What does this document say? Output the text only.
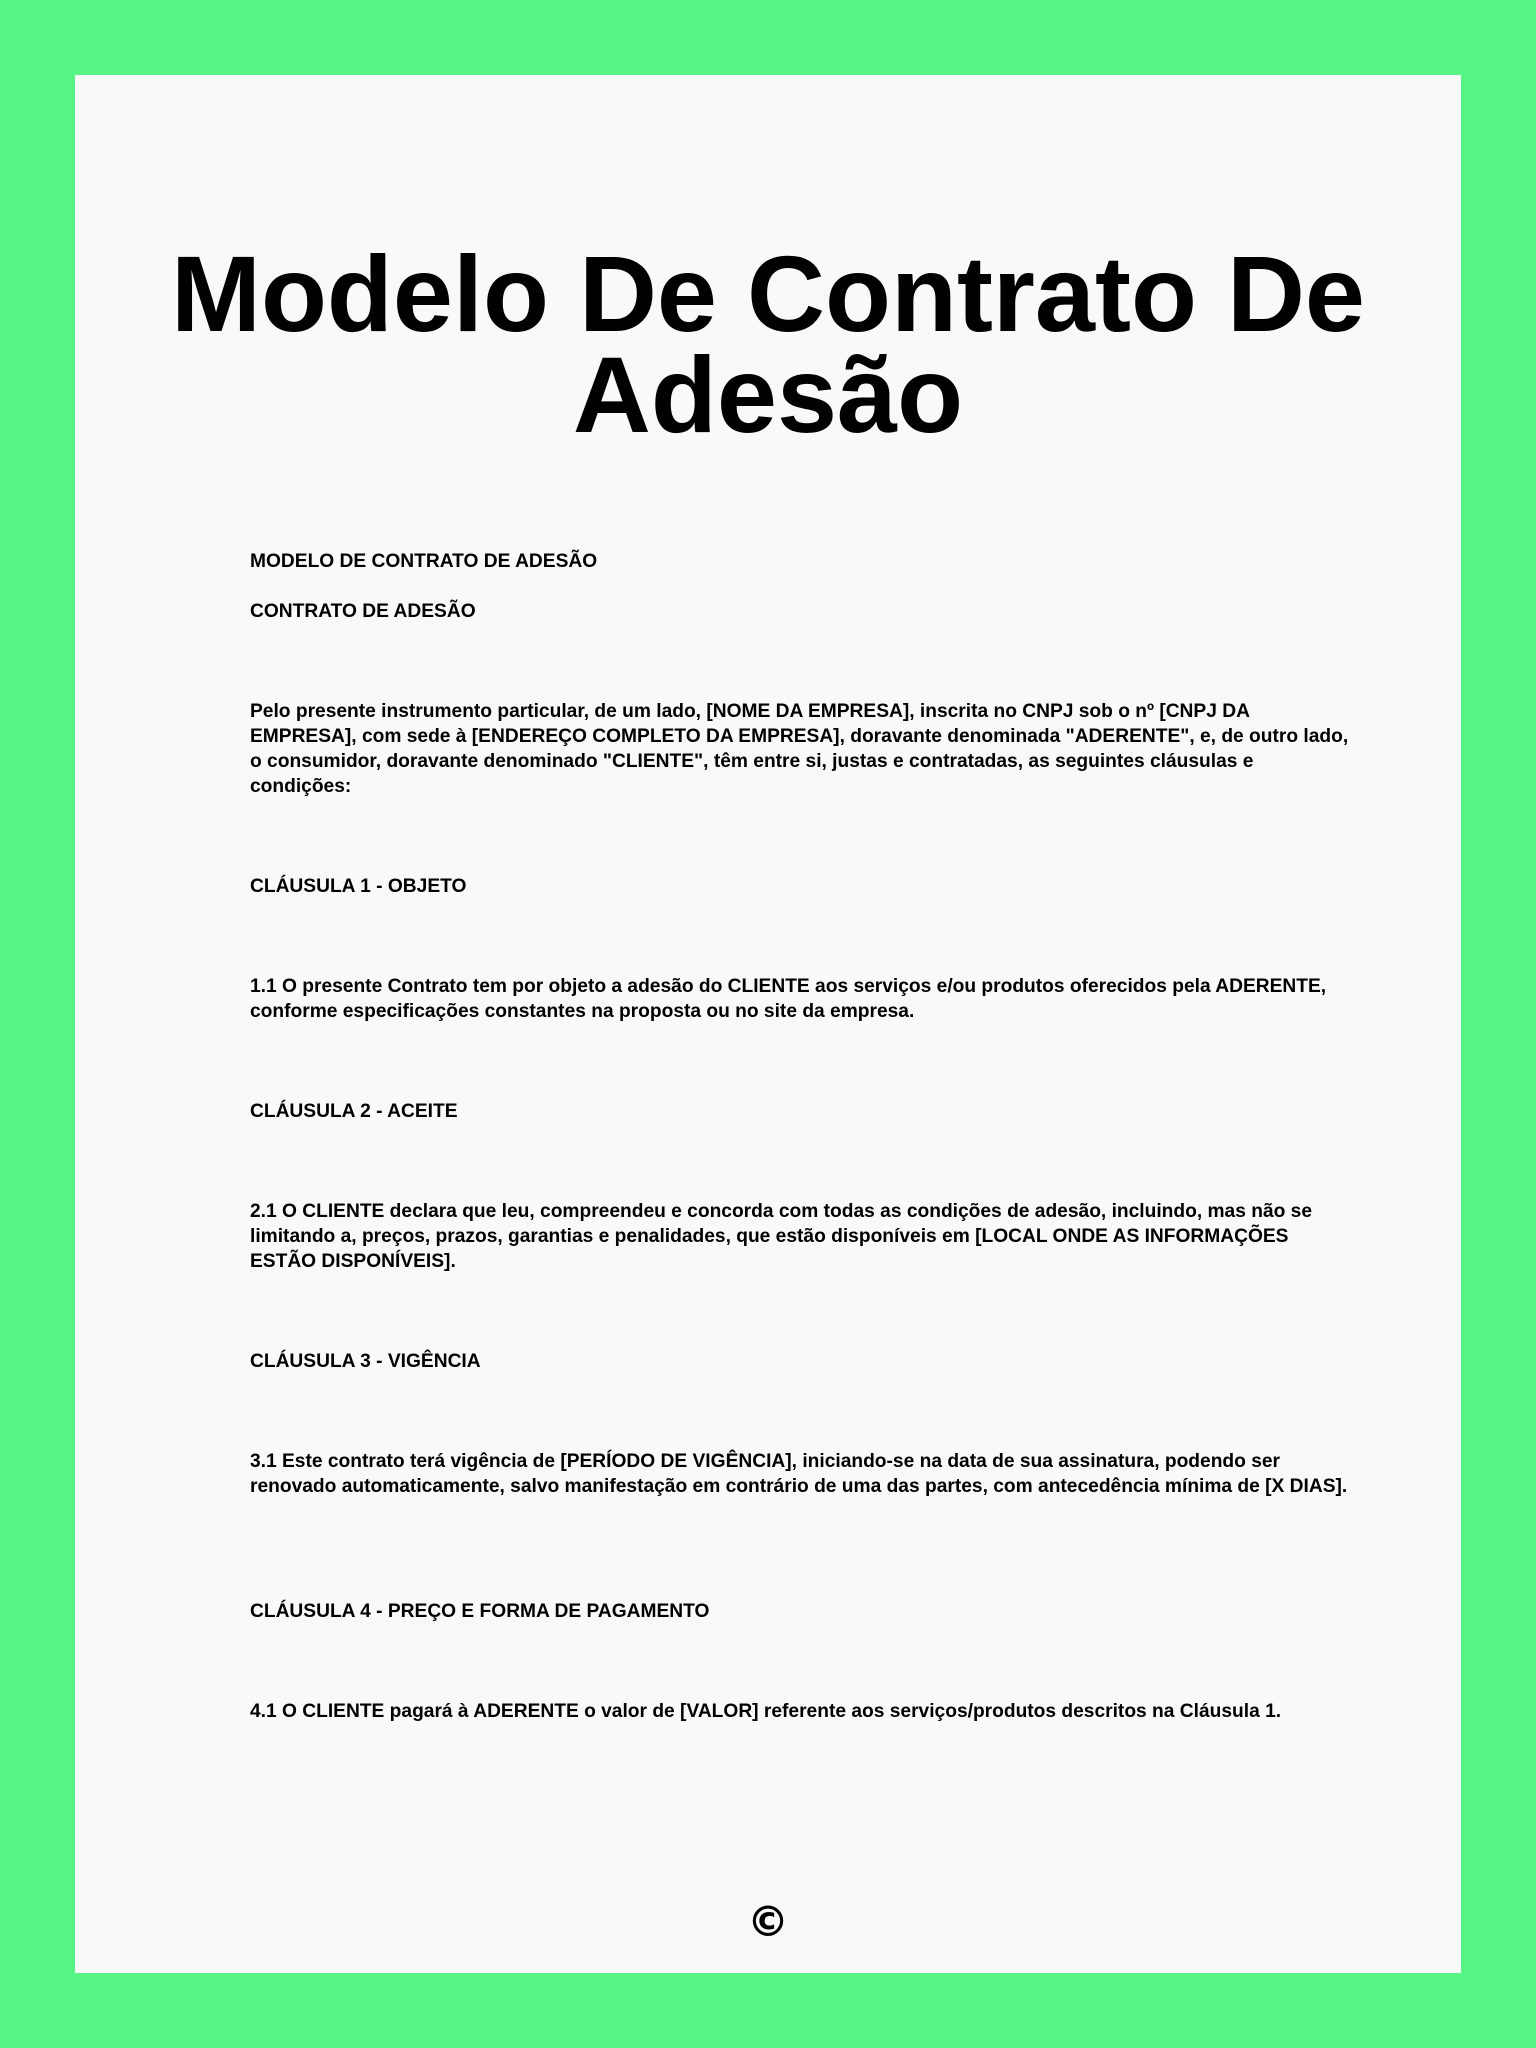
Modelo De Contrato De Adesão

MODELO DE CONTRATO DE ADESÃO

CONTRATO DE ADESÃO

Pelo presente instrumento particular, de um lado, [NOME DA EMPRESA], inscrita no CNPJ sob o nº [CNPJ DA EMPRESA], com sede à [ENDEREÇO COMPLETO DA EMPRESA], doravante denominada "ADERENTE", e, de outro lado, o consumidor, doravante denominado "CLIENTE", têm entre si, justas e contratadas, as seguintes cláusulas e condições:

CLÁUSULA 1 - OBJETO

1.1 O presente Contrato tem por objeto a adesão do CLIENTE aos serviços e/ou produtos oferecidos pela ADERENTE, conforme especificações constantes na proposta ou no site da empresa.

CLÁUSULA 2 - ACEITE

2.1 O CLIENTE declara que leu, compreendeu e concorda com todas as condições de adesão, incluindo, mas não se limitando a, preços, prazos, garantias e penalidades, que estão disponíveis em [LOCAL ONDE AS INFORMAÇÕES ESTÃO DISPONÍVEIS].

CLÁUSULA 3 - VIGÊNCIA

3.1 Este contrato terá vigência de [PERÍODO DE VIGÊNCIA], iniciando-se na data de sua assinatura, podendo ser renovado automaticamente, salvo manifestação em contrário de uma das partes, com antecedência mínima de [X DIAS].

CLÁUSULA 4 - PREÇO E FORMA DE PAGAMENTO

4.1 O CLIENTE pagará à ADERENTE o valor de [VALOR] referente aos serviços/produtos descritos na Cláusula 1.

©
